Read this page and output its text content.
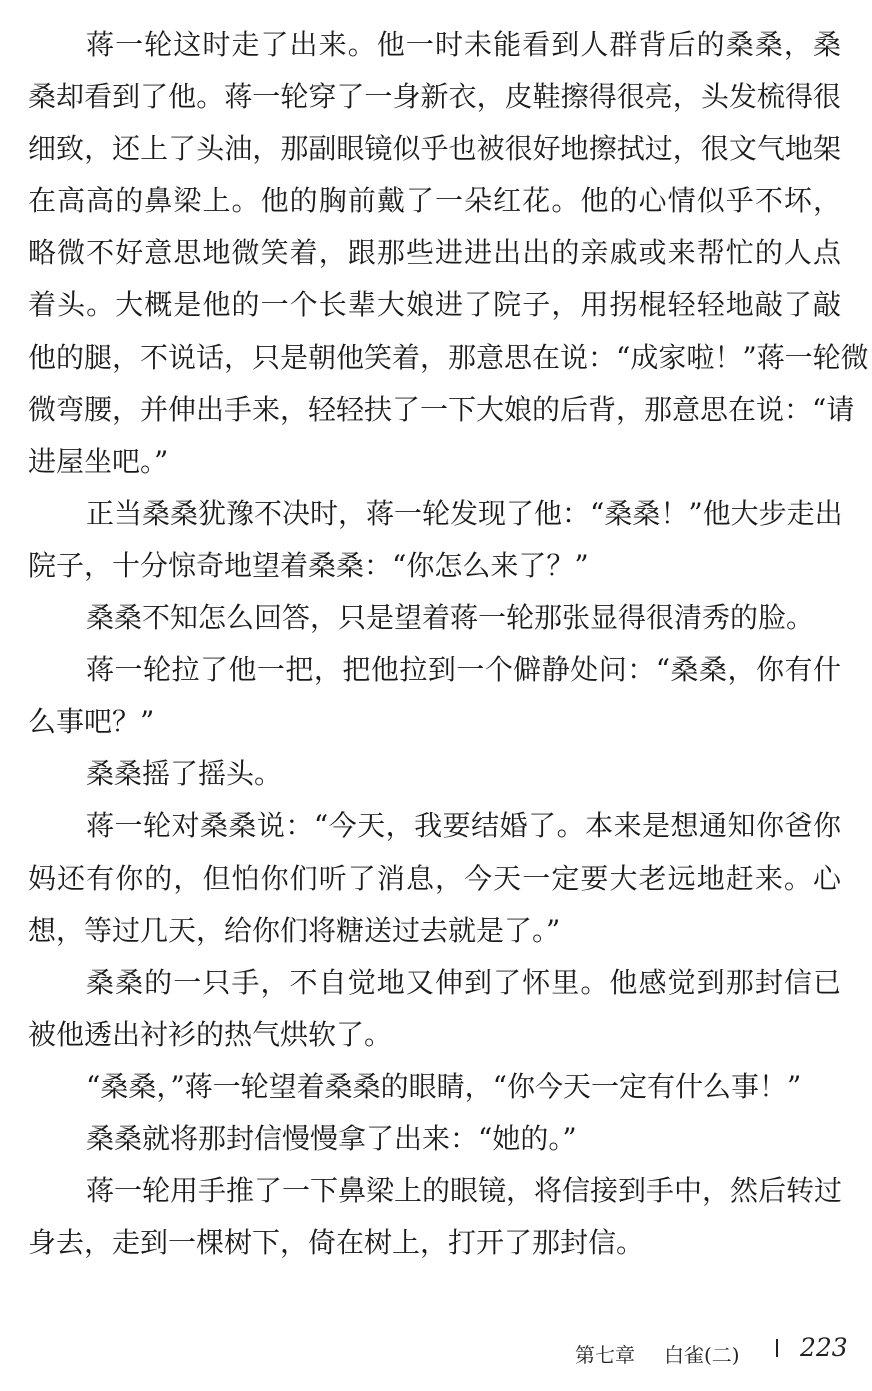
蒋一轮这时走了出来。他一时未能看到人群背后的桑桑，桑
桑却看到了他。蒋一轮穿了一身新衣，皮鞋擦得很亮，头发梳得很
细致，还上了头油，那副眼镜似乎也被很好地擦拭过，很文气地架
在高高的鼻梁上。他的胸前戴了一朵红花。他的心情似乎不坏，
略微不好意思地微笑着，跟那些进进出出的亲戚或来帮忙的人点
着头。大概是他的一个长辈大娘进了院子，用拐棍轻轻地敲了敲
他的腿，不说话，只是朝他笑着，那意思在说：“成家啦！”蒋一轮微
微弯腰，并伸出手来，轻轻扶了一下大娘的后背，那意思在说：“请
进屋坐吧。”
正当桑桑犹豫不决时，蒋一轮发现了他：“桑桑！”他大步走出
院子，十分惊奇地望着桑桑：“你怎么来了？”
桑桑不知怎么回答，只是望着蒋一轮那张显得很清秀的脸。
蒋一轮拉了他一把，把他拉到一个僻静处问：“桑桑，你有什
么事吧？”
桑桑摇了摇头。
蒋一轮对桑桑说：“今天，我要结婚了。本来是想通知你爸你
妈还有你的，但怕你们听了消息，今天一定要大老远地赶来。心
想，等过几天，给你们将糖送过去就是了。”
桑桑的一只手，不自觉地又伸到了怀里。他感觉到那封信已
被他透出衬衫的热气烘软了。
“桑桑，”蒋一轮望着桑桑的眼睛，“你今天一定有什么事！”
桑桑就将那封信慢慢拿了出来：“她的。”
蒋一轮用手推了一下鼻梁上的眼镜，将信接到手中，然后转过
身去，走到一棵树下，倚在树上，打开了那封信。
第七章 白雀(二) 223
